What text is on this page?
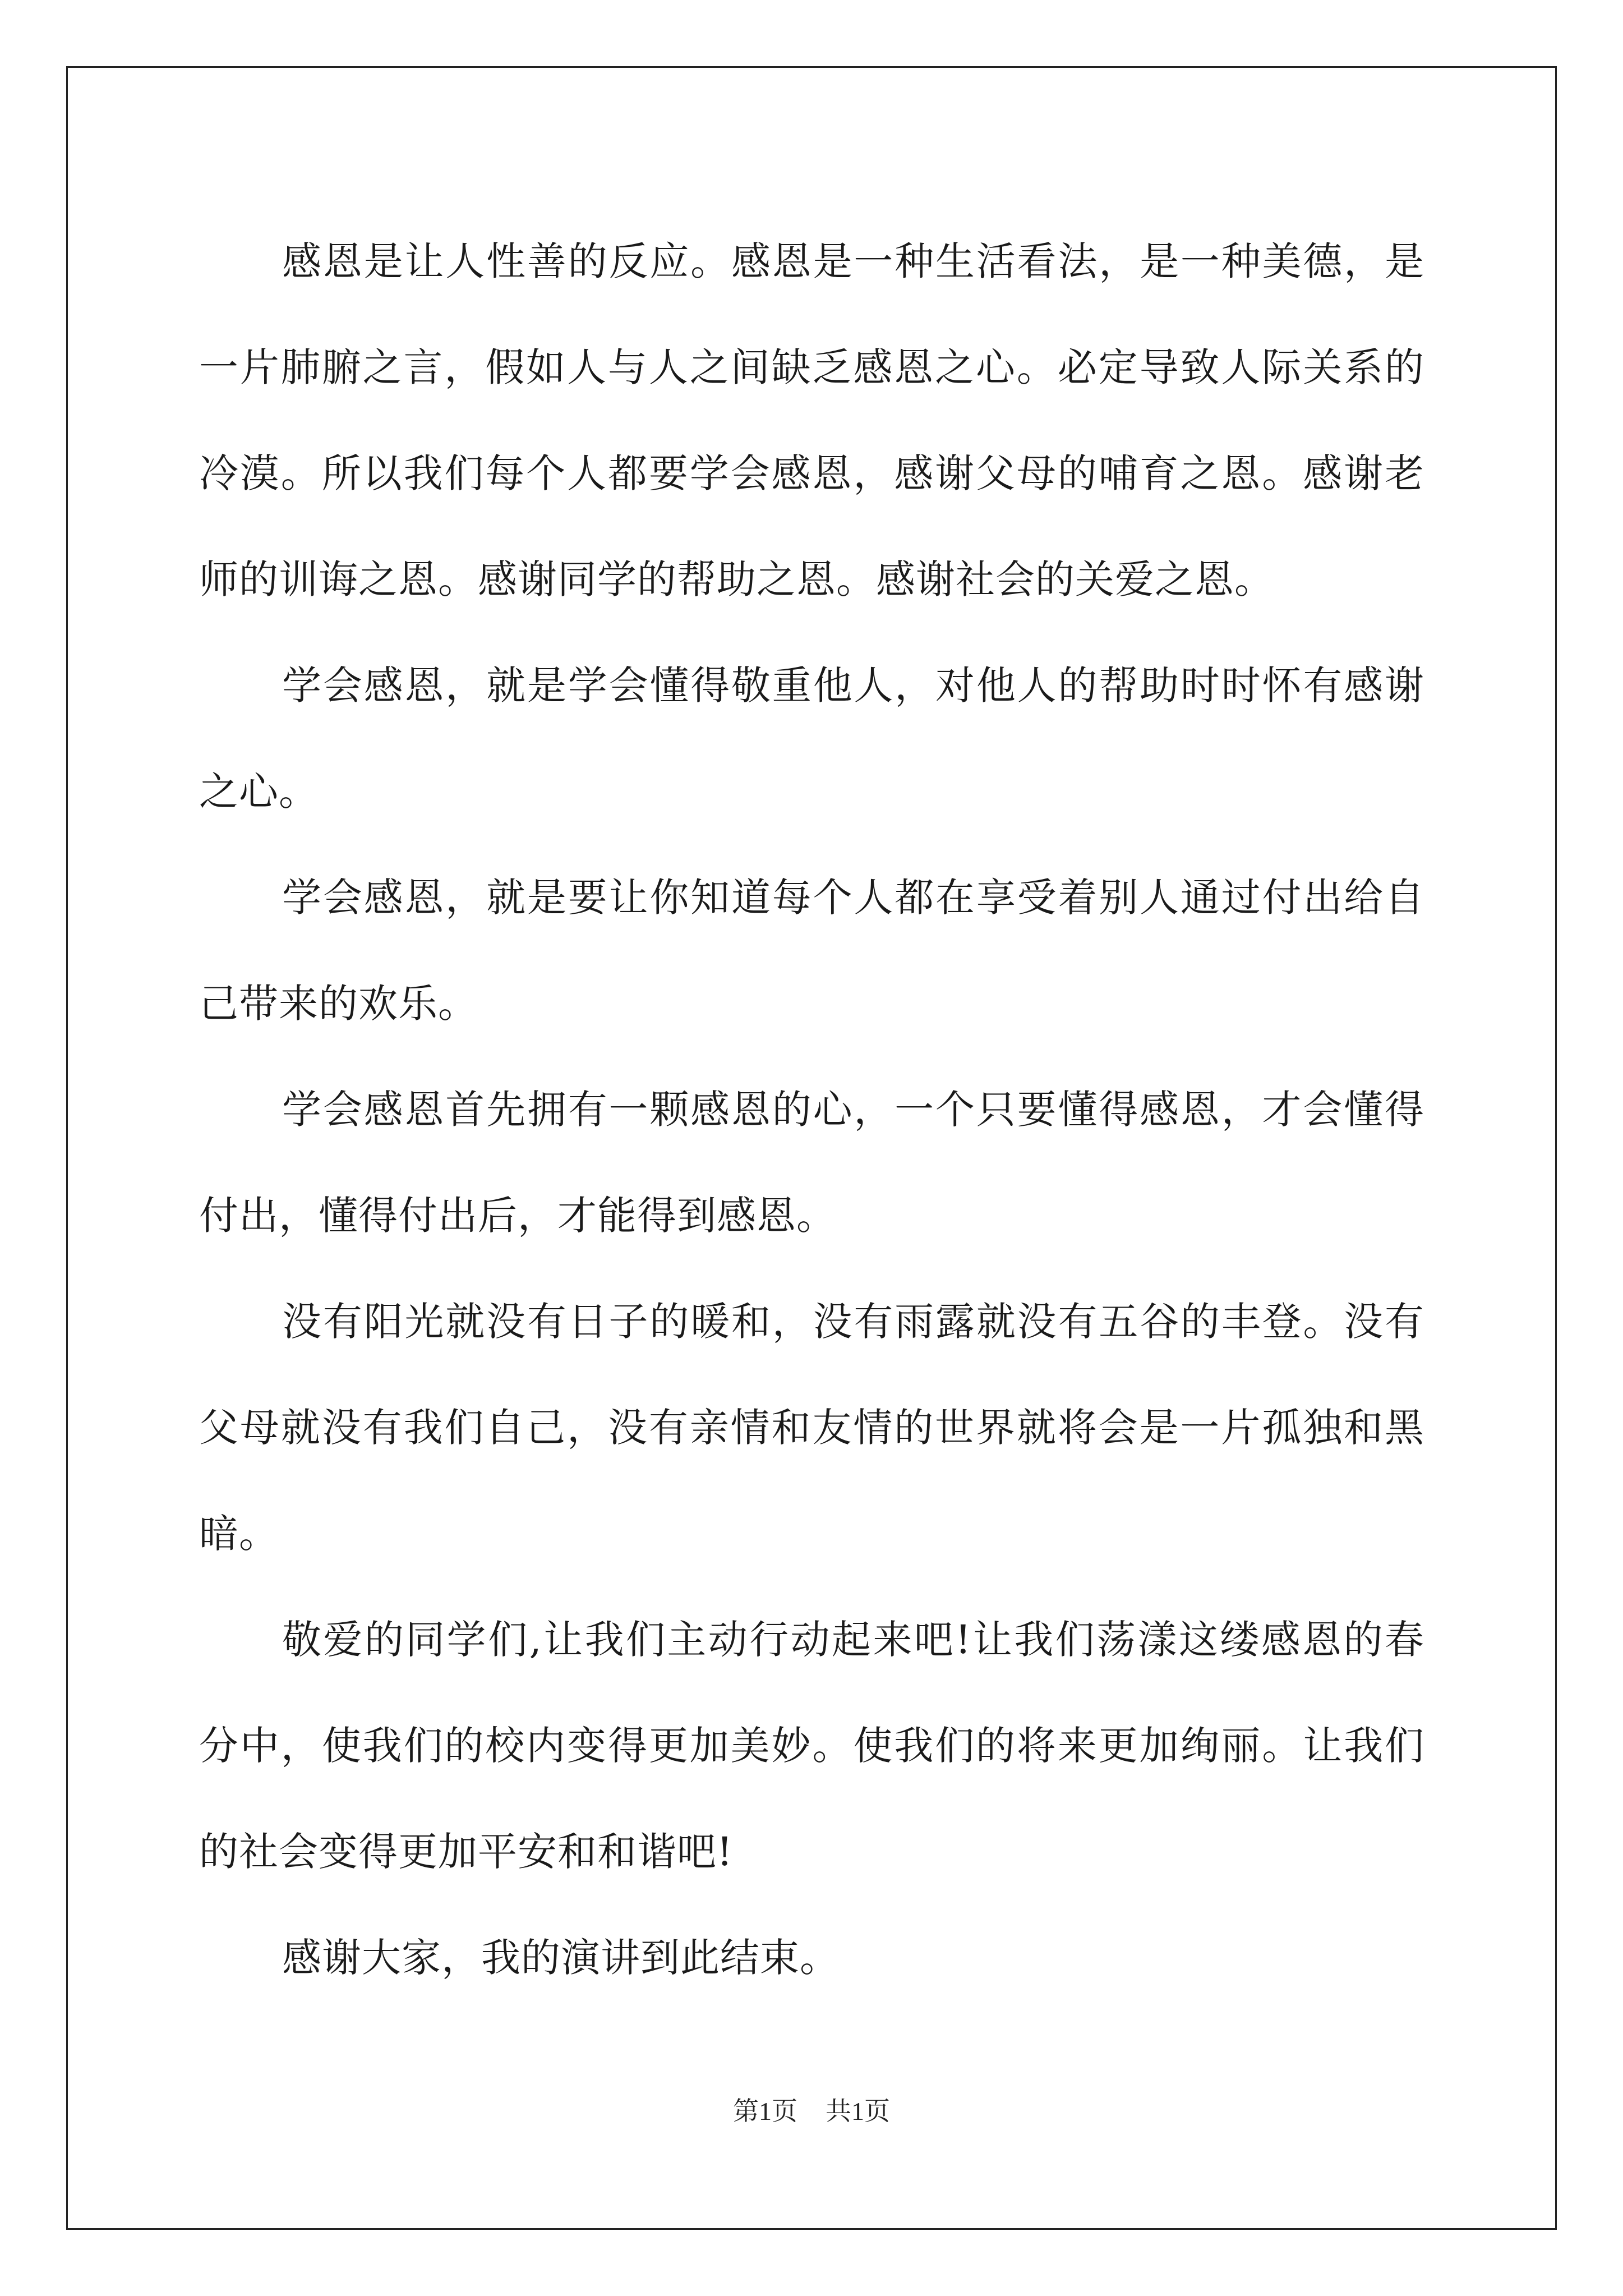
感恩是让人性善的反应。感恩是一种生活看法，是一种美德，是一片肺腑之言，假如人与人之间缺乏感恩之心。必定导致人际关系的冷漠。所以我们每个人都要学会感恩，感谢父母的哺育之恩。感谢老师的训诲之恩。感谢同学的帮助之恩。感谢社会的关爱之恩。

学会感恩，就是学会懂得敬重他人，对他人的帮助时时怀有感谢之心。

学会感恩，就是要让你知道每个人都在享受着别人通过付出给自己带来的欢乐。

学会感恩首先拥有一颗感恩的心，一个只要懂得感恩，才会懂得付出，懂得付出后，才能得到感恩。

没有阳光就没有日子的暖和，没有雨露就没有五谷的丰登。没有父母就没有我们自己，没有亲情和友情的世界就将会是一片孤独和黑暗。

敬爱的同学们,让我们主动行动起来吧!让我们荡漾这缕感恩的春分中，使我们的校内变得更加美妙。使我们的将来更加绚丽。让我们的社会变得更加平安和和谐吧!

感谢大家，我的演讲到此结束。

第1页 共1页
